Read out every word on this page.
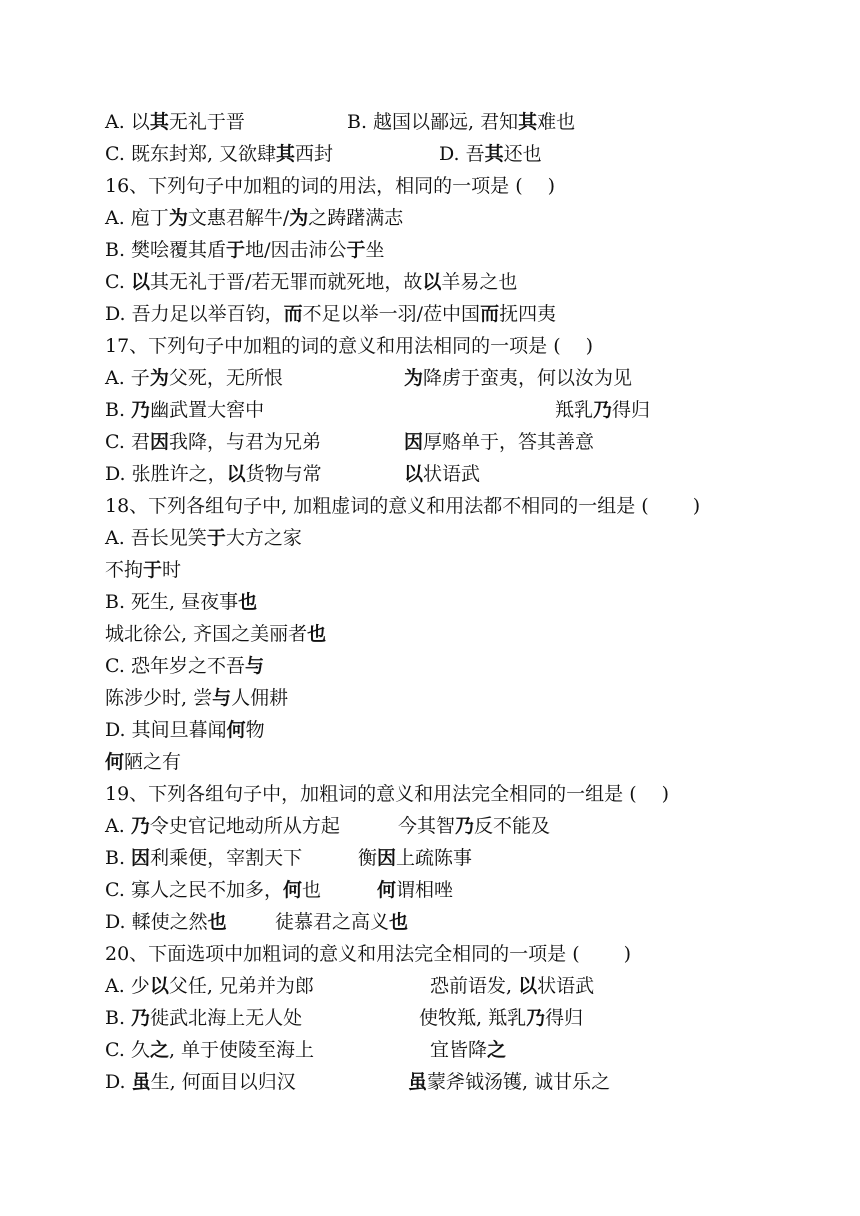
A. 以其无礼于晋	B. 越国以鄙远, 君知其难也
C. 既东封郑, 又欲肆其西封	D. 吾其还也
16、下列句子中加粗的词的用法，相同的一项是 (　 )
A. 庖丁为文惠君解牛/为之踌躇满志
B. 樊哙覆其盾于地/因击沛公于坐
C. 以其无礼于晋/若无罪而就死地，故以羊易之也
D. 吾力足以举百钧，而不足以举一羽/莅中国而抚四夷
17、下列句子中加粗的词的意义和用法相同的一项是 (　 )
A. 子为父死，无所恨	为降虏于蛮夷，何以汝为见
B. 乃幽武置大窖中	羝乳乃得归
C. 君因我降，与君为兄弟	因厚赂单于，答其善意
D. 张胜许之，以货物与常	以状语武
18、下列各组句子中, 加粗虚词的意义和用法都不相同的一组是 (　　 )
A. 吾长见笑于大方之家
不拘于时
B. 死生, 昼夜事也
城北徐公, 齐国之美丽者也
C. 恐年岁之不吾与
陈涉少时, 尝与人佣耕
D. 其间旦暮闻何物
何陋之有
19、下列各组句子中，加粗词的意义和用法完全相同的一组是 (　 )
A. 乃令史官记地动所从方起	今其智乃反不能及
B. 因利乘便，宰割天下	衡因上疏陈事
C. 寡人之民不加多，何也	何谓相唑
D. 輮使之然也	徒慕君之高义也
20、下面选项中加粗词的意义和用法完全相同的一项是 (　　 )
A. 少以父任, 兄弟并为郎	恐前语发, 以状语武
B. 乃徙武北海上无人处	使牧羝, 羝乳乃得归
C. 久之, 单于使陵至海上	宜皆降之
D. 虽生, 何面目以归汉	虽蒙斧钺汤镬, 诚甘乐之
